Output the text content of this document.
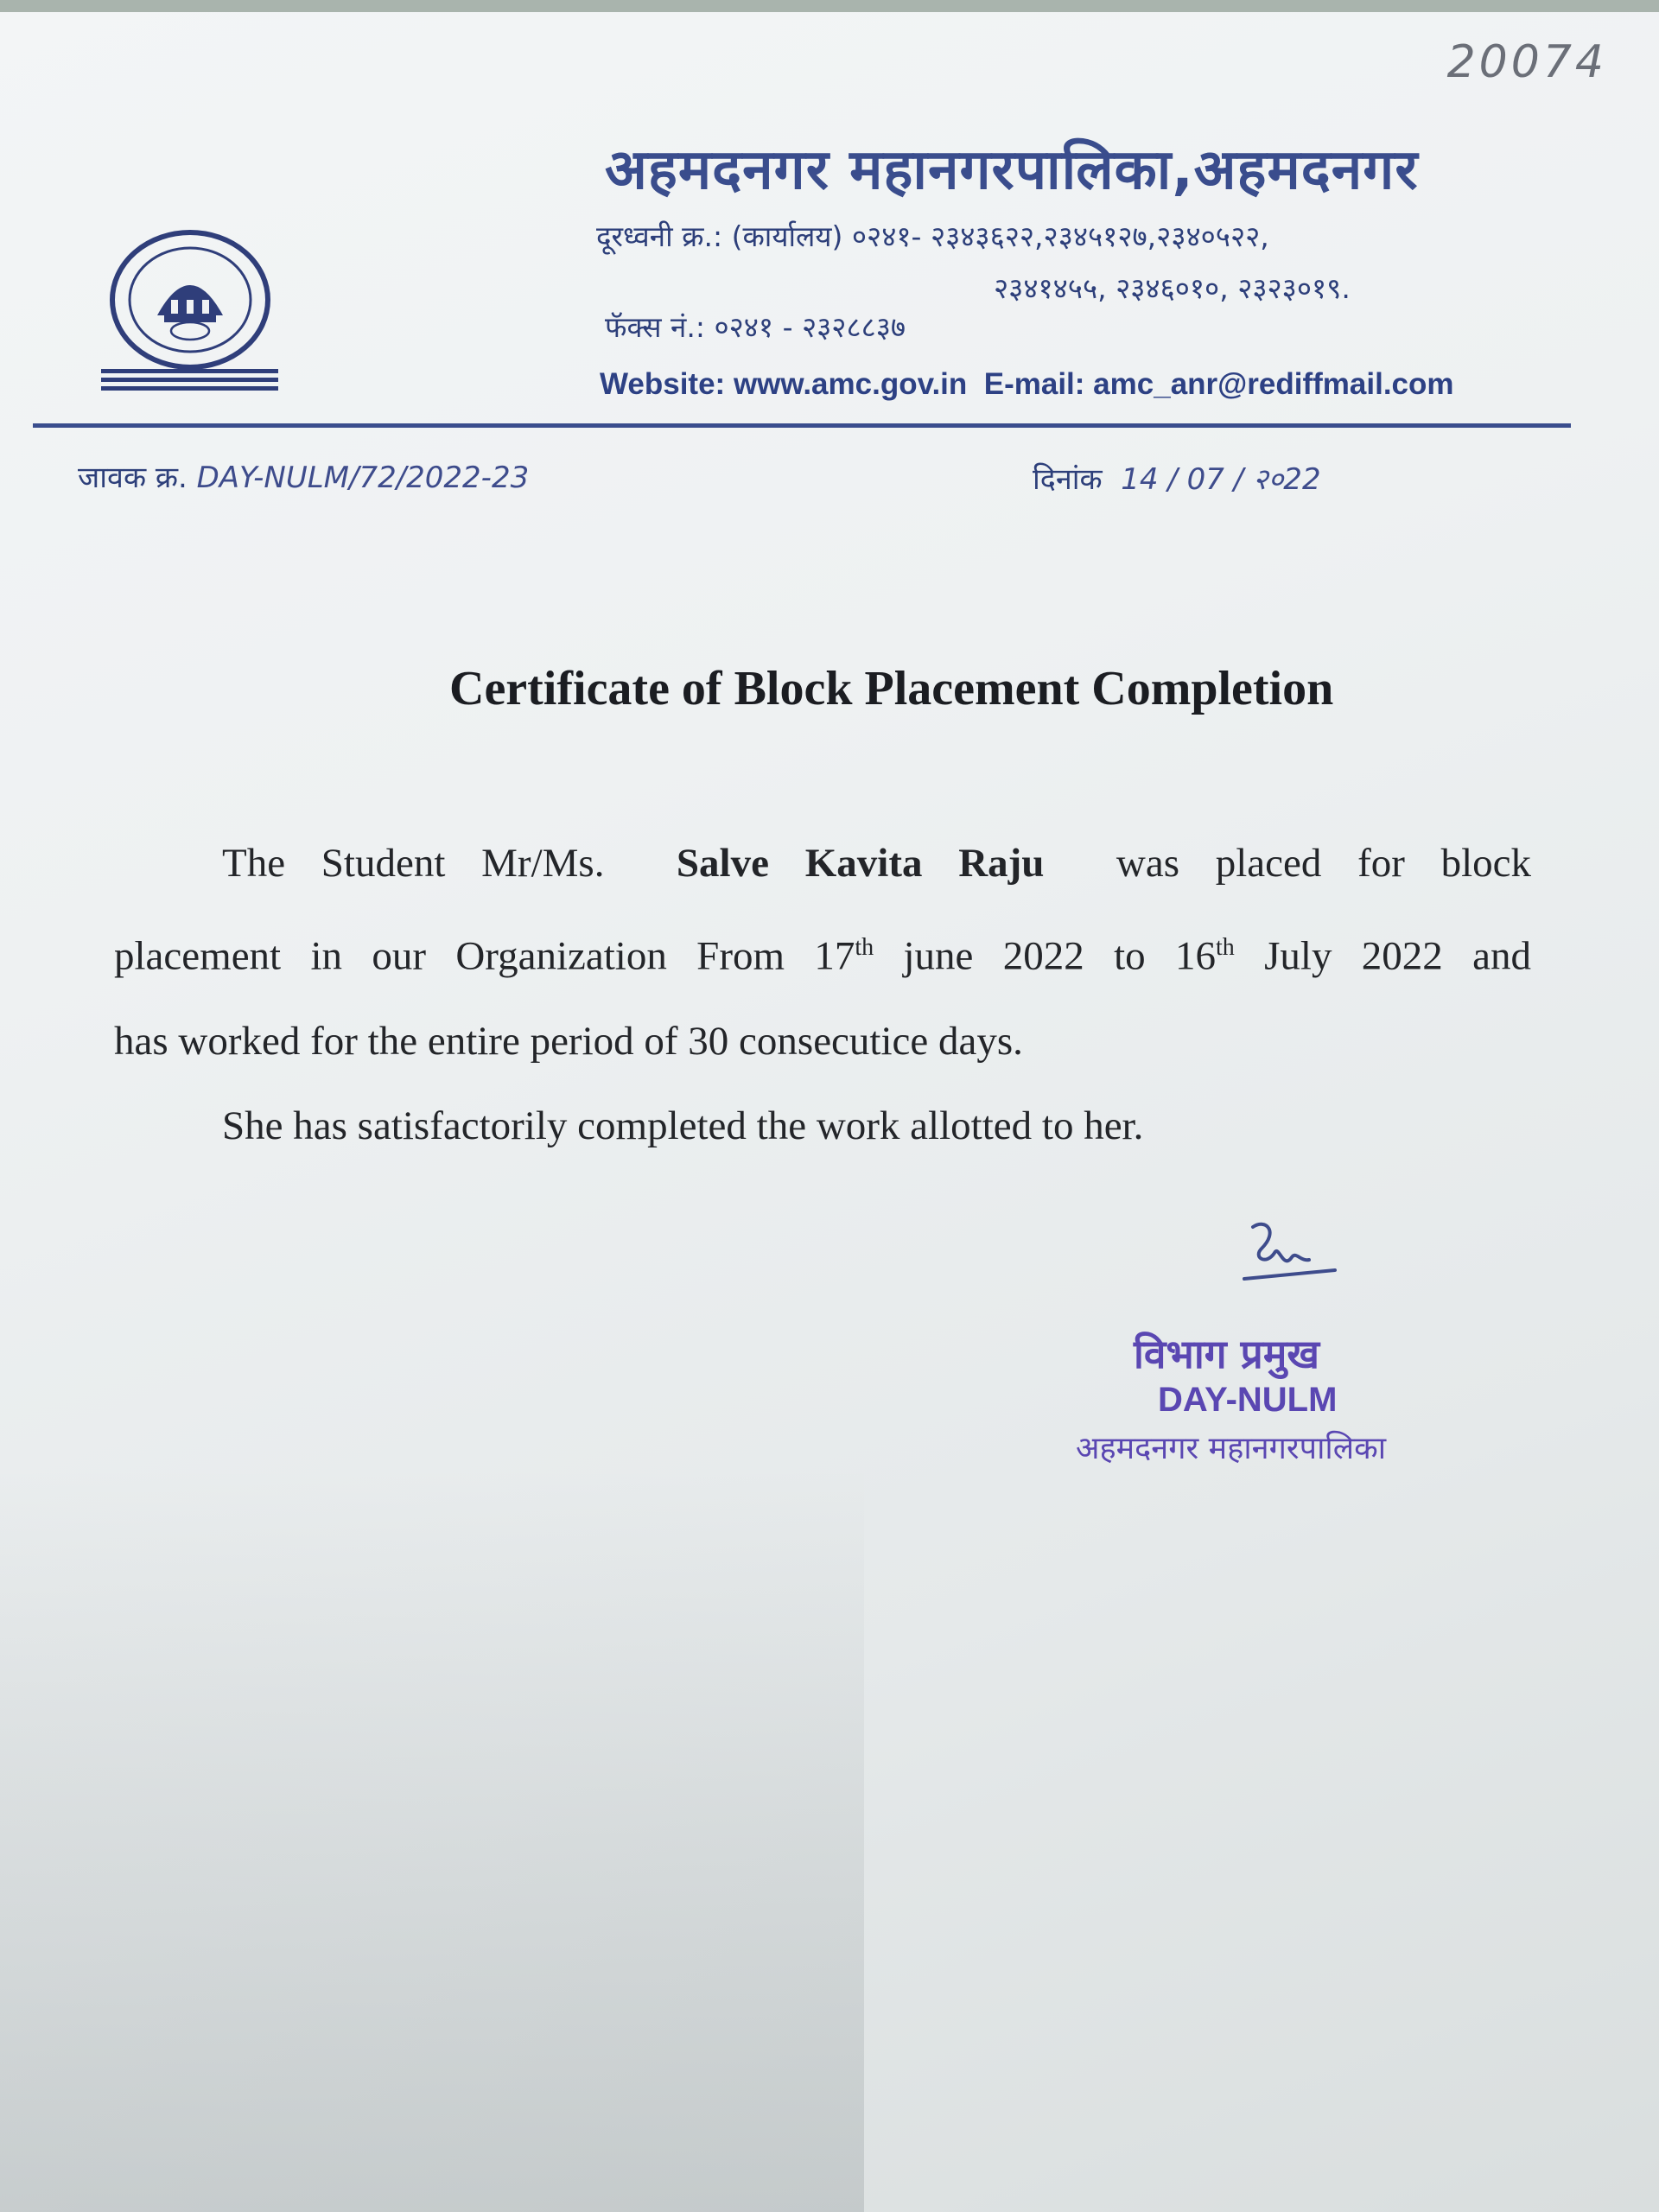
20074
अहमदनगर महानगरपालिका,अहमदनगर
दूरध्वनी क्र.: (कार्यालय) ०२४१- २३४३६२२,२३४५१२७,२३४०५२२,
२३४१४५५, २३४६०१०, २३२३०१९.
फॅक्स नं.: ०२४१ - २३२८८३७
Website: www.amc.gov.in E-mail: amc_anr@rediffmail.com
जावक क्र. DAY-NULM/72/2022-23	दिनांक 14 / 07 / २०22
Certificate of Block Placement Completion

The Student Mr/Ms. Salve Kavita Raju was placed for block

placement in our Organization From 17th june 2022 to 16th July 2022 and

has worked for the entire period of 30 consecutice days.

She has satisfactorily completed the work allotted to her.

विभाग प्रमुख
DAY-NULM
अहमदनगर महानगरपालिका
